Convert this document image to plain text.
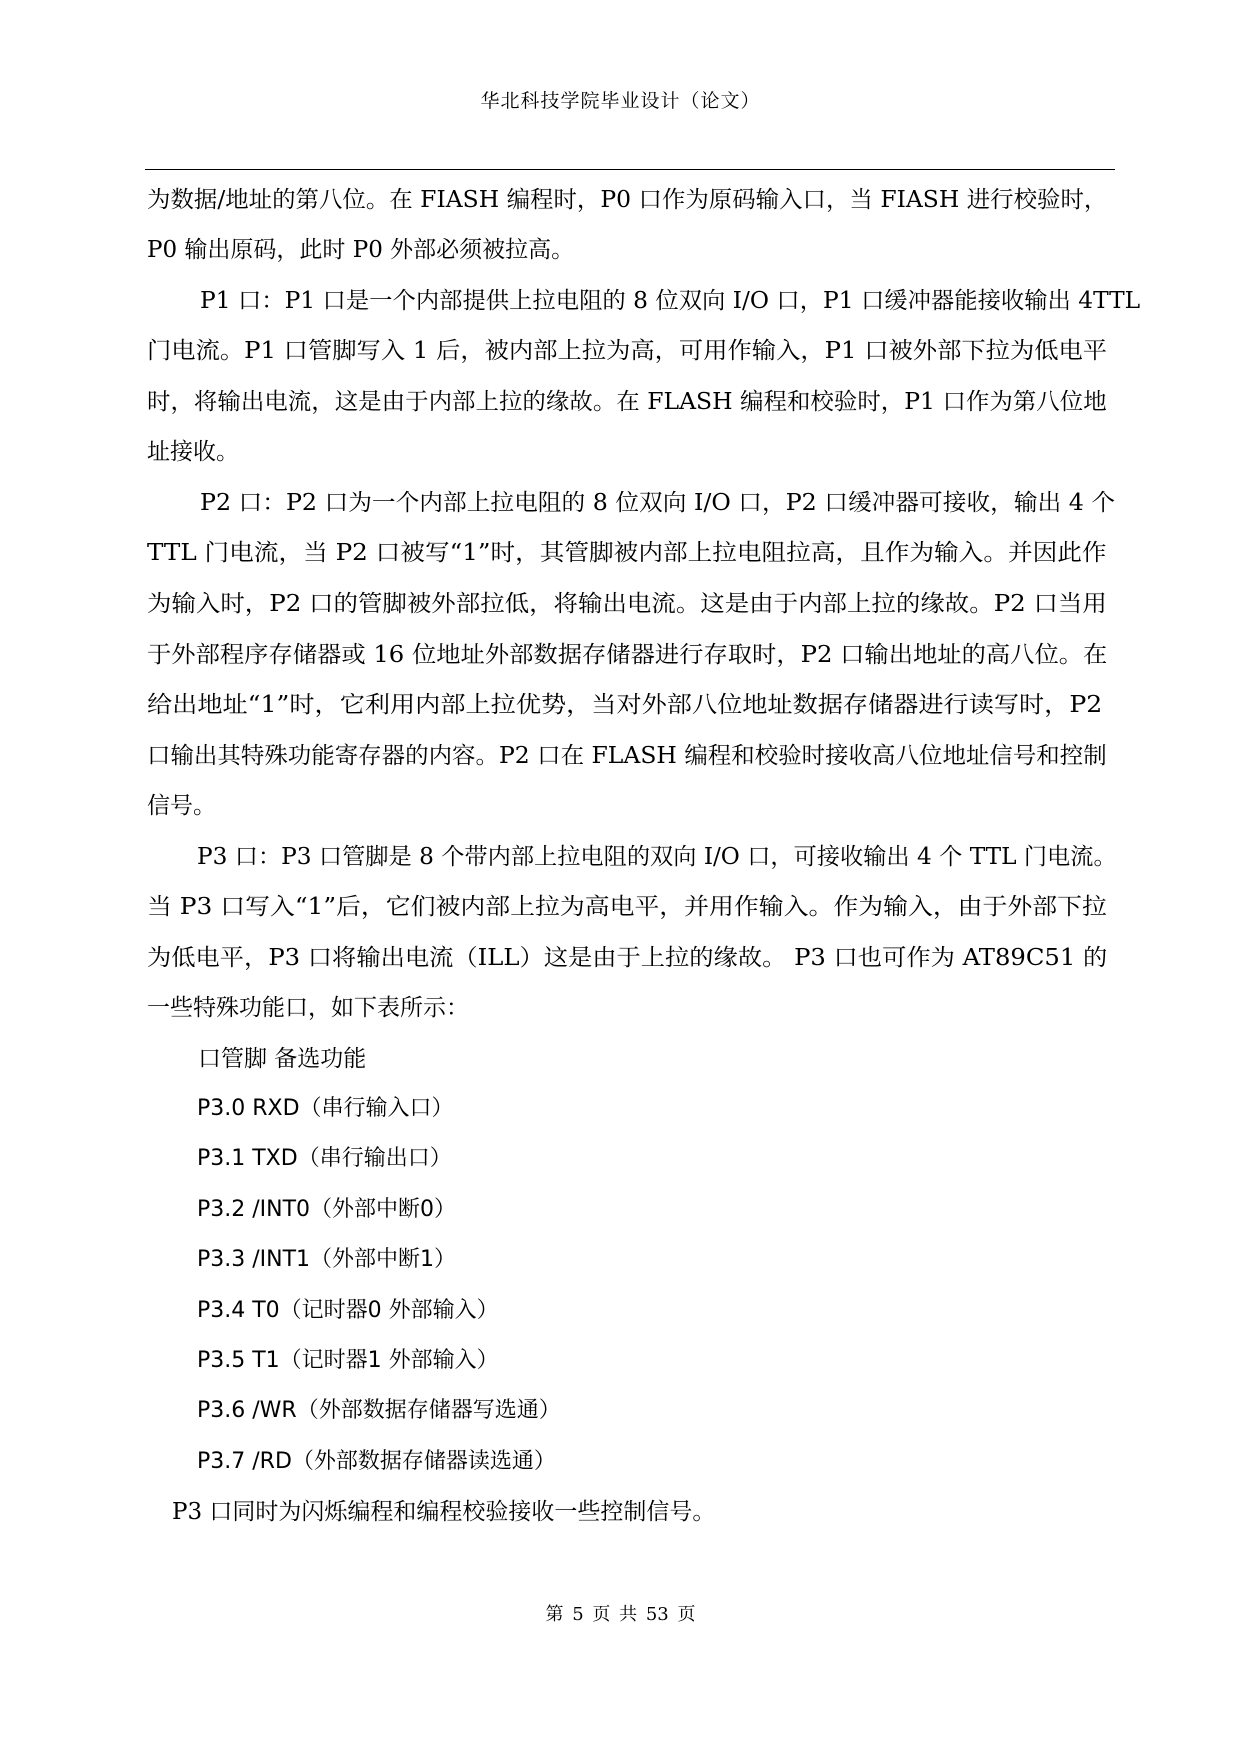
华北科技学院毕业设计（论文）
为数据/地址的第八位。在 FIASH 编程时，P0 口作为原码输入口，当 FIASH 进行校验时，
P0 输出原码，此时 P0 外部必须被拉高。
P1 口：P1 口是一个内部提供上拉电阻的 8 位双向 I/O 口，P1 口缓冲器能接收输出 4TTL
门电流。P1 口管脚写入 1 后，被内部上拉为高，可用作输入，P1 口被外部下拉为低电平
时，将输出电流，这是由于内部上拉的缘故。在 FLASH 编程和校验时，P1 口作为第八位地
址接收。
P2 口：P2 口为一个内部上拉电阻的 8 位双向 I/O 口，P2 口缓冲器可接收，输出 4 个
TTL 门电流，当 P2 口被写“1”时，其管脚被内部上拉电阻拉高，且作为输入。并因此作
为输入时，P2 口的管脚被外部拉低，将输出电流。这是由于内部上拉的缘故。P2 口当用
于外部程序存储器或 16 位地址外部数据存储器进行存取时，P2 口输出地址的高八位。在
给出地址“1”时，它利用内部上拉优势，当对外部八位地址数据存储器进行读写时，P2
口输出其特殊功能寄存器的内容。P2 口在 FLASH 编程和校验时接收高八位地址信号和控制
信号。
P3 口：P3 口管脚是 8 个带内部上拉电阻的双向 I/O 口，可接收输出 4 个 TTL 门电流。
当 P3 口写入“1”后，它们被内部上拉为高电平，并用作输入。作为输入，由于外部下拉
为低电平，P3 口将输出电流（ILL）这是由于上拉的缘故。 P3 口也可作为 AT89C51 的
一些特殊功能口，如下表所示：
口管脚 备选功能
P3.0 RXD（串行输入口）
P3.1 TXD（串行输出口）
P3.2 /INT0（外部中断0）
P3.3 /INT1（外部中断1）
P3.4 T0（记时器0 外部输入）
P3.5 T1（记时器1 外部输入）
P3.6 /WR（外部数据存储器写选通）
P3.7 /RD（外部数据存储器读选通）
P3 口同时为闪烁编程和编程校验接收一些控制信号。
第 5 页 共 53 页
